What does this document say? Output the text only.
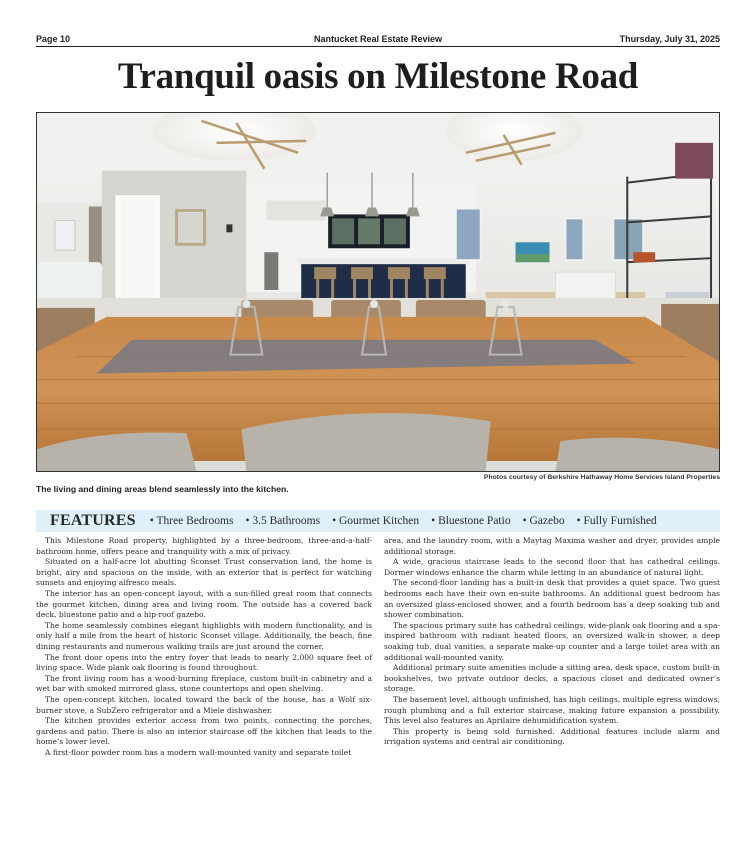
Page 10	Nantucket Real Estate Review	Thursday, July 31, 2025
Tranquil oasis on Milestone Road
Photos courtesy of Berkshire Hathaway Home Services Island Properties
The living and dining areas blend seamlessly into the kitchen.
FEATURES • Three Bedrooms • 3.5 Bathrooms • Gourmet Kitchen • Bluestone Patio • Gazebo • Fully Furnished

This Milestone Road property, highlighted by a three-bedroom, three-and-a-half-bathroom home, offers peace and tranquility with a mix of privacy.

Situated on a half-acre lot abutting Sconset Trust conservation land, the home is bright, airy and spacious on the inside, with an exterior that is perfect for watching sunsets and enjoying alfresco meals.

The interior has an open-concept layout, with a sun-filled great room that connects the gourmet kitchen, dining area and living room. The outside has a covered back deck, bluestone patio and a hip-roof gazebo.

The home seamlessly combines elegant highlights with modern functionality, and is only half a mile from the heart of historic Sconset village. Additionally, the beach, fine dining restaurants and numerous walking trails are just around the corner.

The front door opens into the entry foyer that leads to nearly 2,000 square feet of living space. Wide plank oak flooring is found throughout.

The front living room has a wood-burning fireplace, custom built-in cabinetry and a wet bar with smoked mirrored glass, stone countertops and open shelving.

The open-concept kitchen, located toward the back of the house, has a Wolf six-burner stove, a SubZero refrigerator and a Miele dishwasher.

The kitchen provides exterior access from two points, connecting the porches, gardens and patio. There is also an interior staircase off the kitchen that leads to the home’s lower level.

A first-floor powder room has a modern wall-mounted vanity and separate toilet

area, and the laundry room, with a Maytag Maxima washer and dryer, provides ample additional storage.

A wide, gracious staircase leads to the second floor that has cathedral ceilings. Dormer windows enhance the charm while letting in an abundance of natural light.

The second-floor landing has a built-in desk that provides a quiet space. Two guest bedrooms each have their own en-suite bathrooms. An additional guest bedroom has an oversized glass-enclosed shower, and a fourth bedroom has a deep soaking tub and shower combination.

The spacious primary suite has cathedral ceilings, wide-plank oak flooring and a spa-inspired bathroom with radiant heated floors, an oversized walk-in shower, a deep soaking tub, dual vanities, a separate make-up counter and a large toilet area with an additional wall-mounted vanity.

Additional primary suite amenities include a sitting area, desk space, custom built-in bookshelves, two private outdoor decks, a spacious closet and dedicated owner’s storage.

The basement level, although unfinished, has high ceilings, multiple egress windows, rough plumbing and a full exterior staircase, making future expansion a possibility. This level also features an Aprilaire dehumidification system.

This property is being sold furnished. Additional features include alarm and irrigation systems and central air conditioning.
